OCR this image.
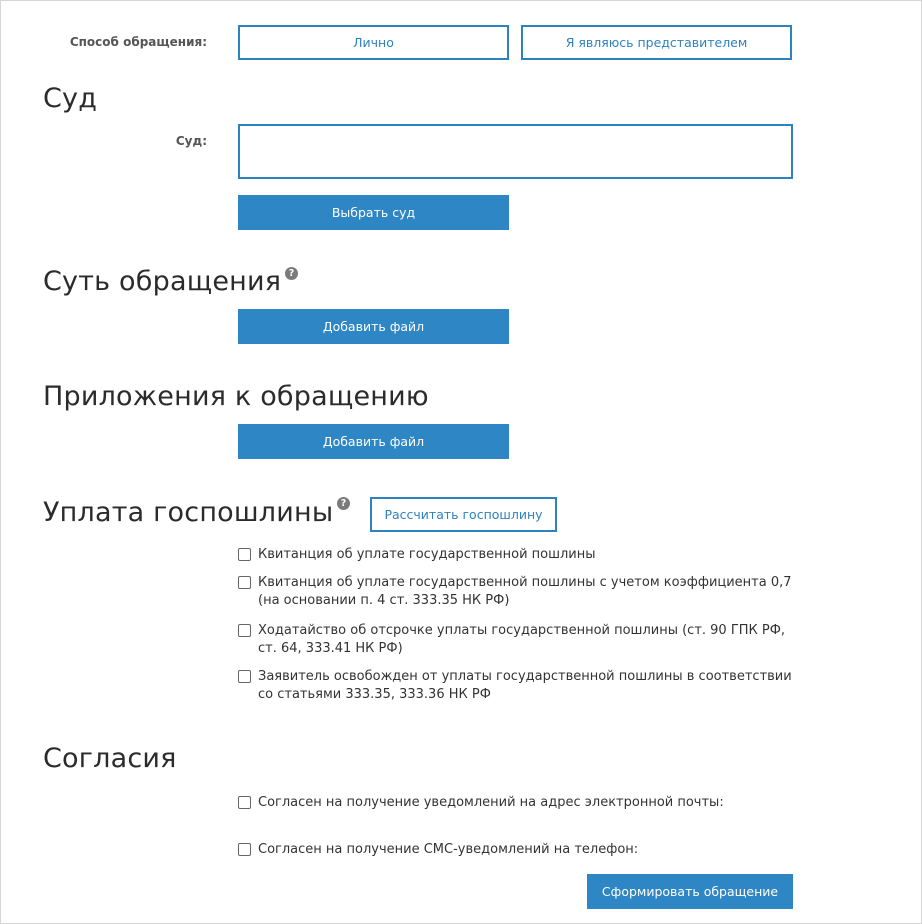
Способ обращения:	Лично	Я являюсь представителем
Суд
Суд:
Выбрать суд
Суть обращения ?
Добавить файл
Приложения к обращению
Добавить файл
Уплата госпошлины ?
Рассчитать госпошлину
Квитанция об уплате государственной пошлины
Квитанция об уплате государственной пошлины с учетом коэффициента 0,7 (на основании п. 4 ст. 333.35 НК РФ)
Ходатайство об отсрочке уплаты государственной пошлины (ст. 90 ГПК РФ, ст. 64, 333.41 НК РФ)
Заявитель освобожден от уплаты государственной пошлины в соответствии со статьями 333.35, 333.36 НК РФ
Согласия
Согласен на получение уведомлений на адрес электронной почты:
Согласен на получение СМС-уведомлений на телефон:
Сформировать обращение
